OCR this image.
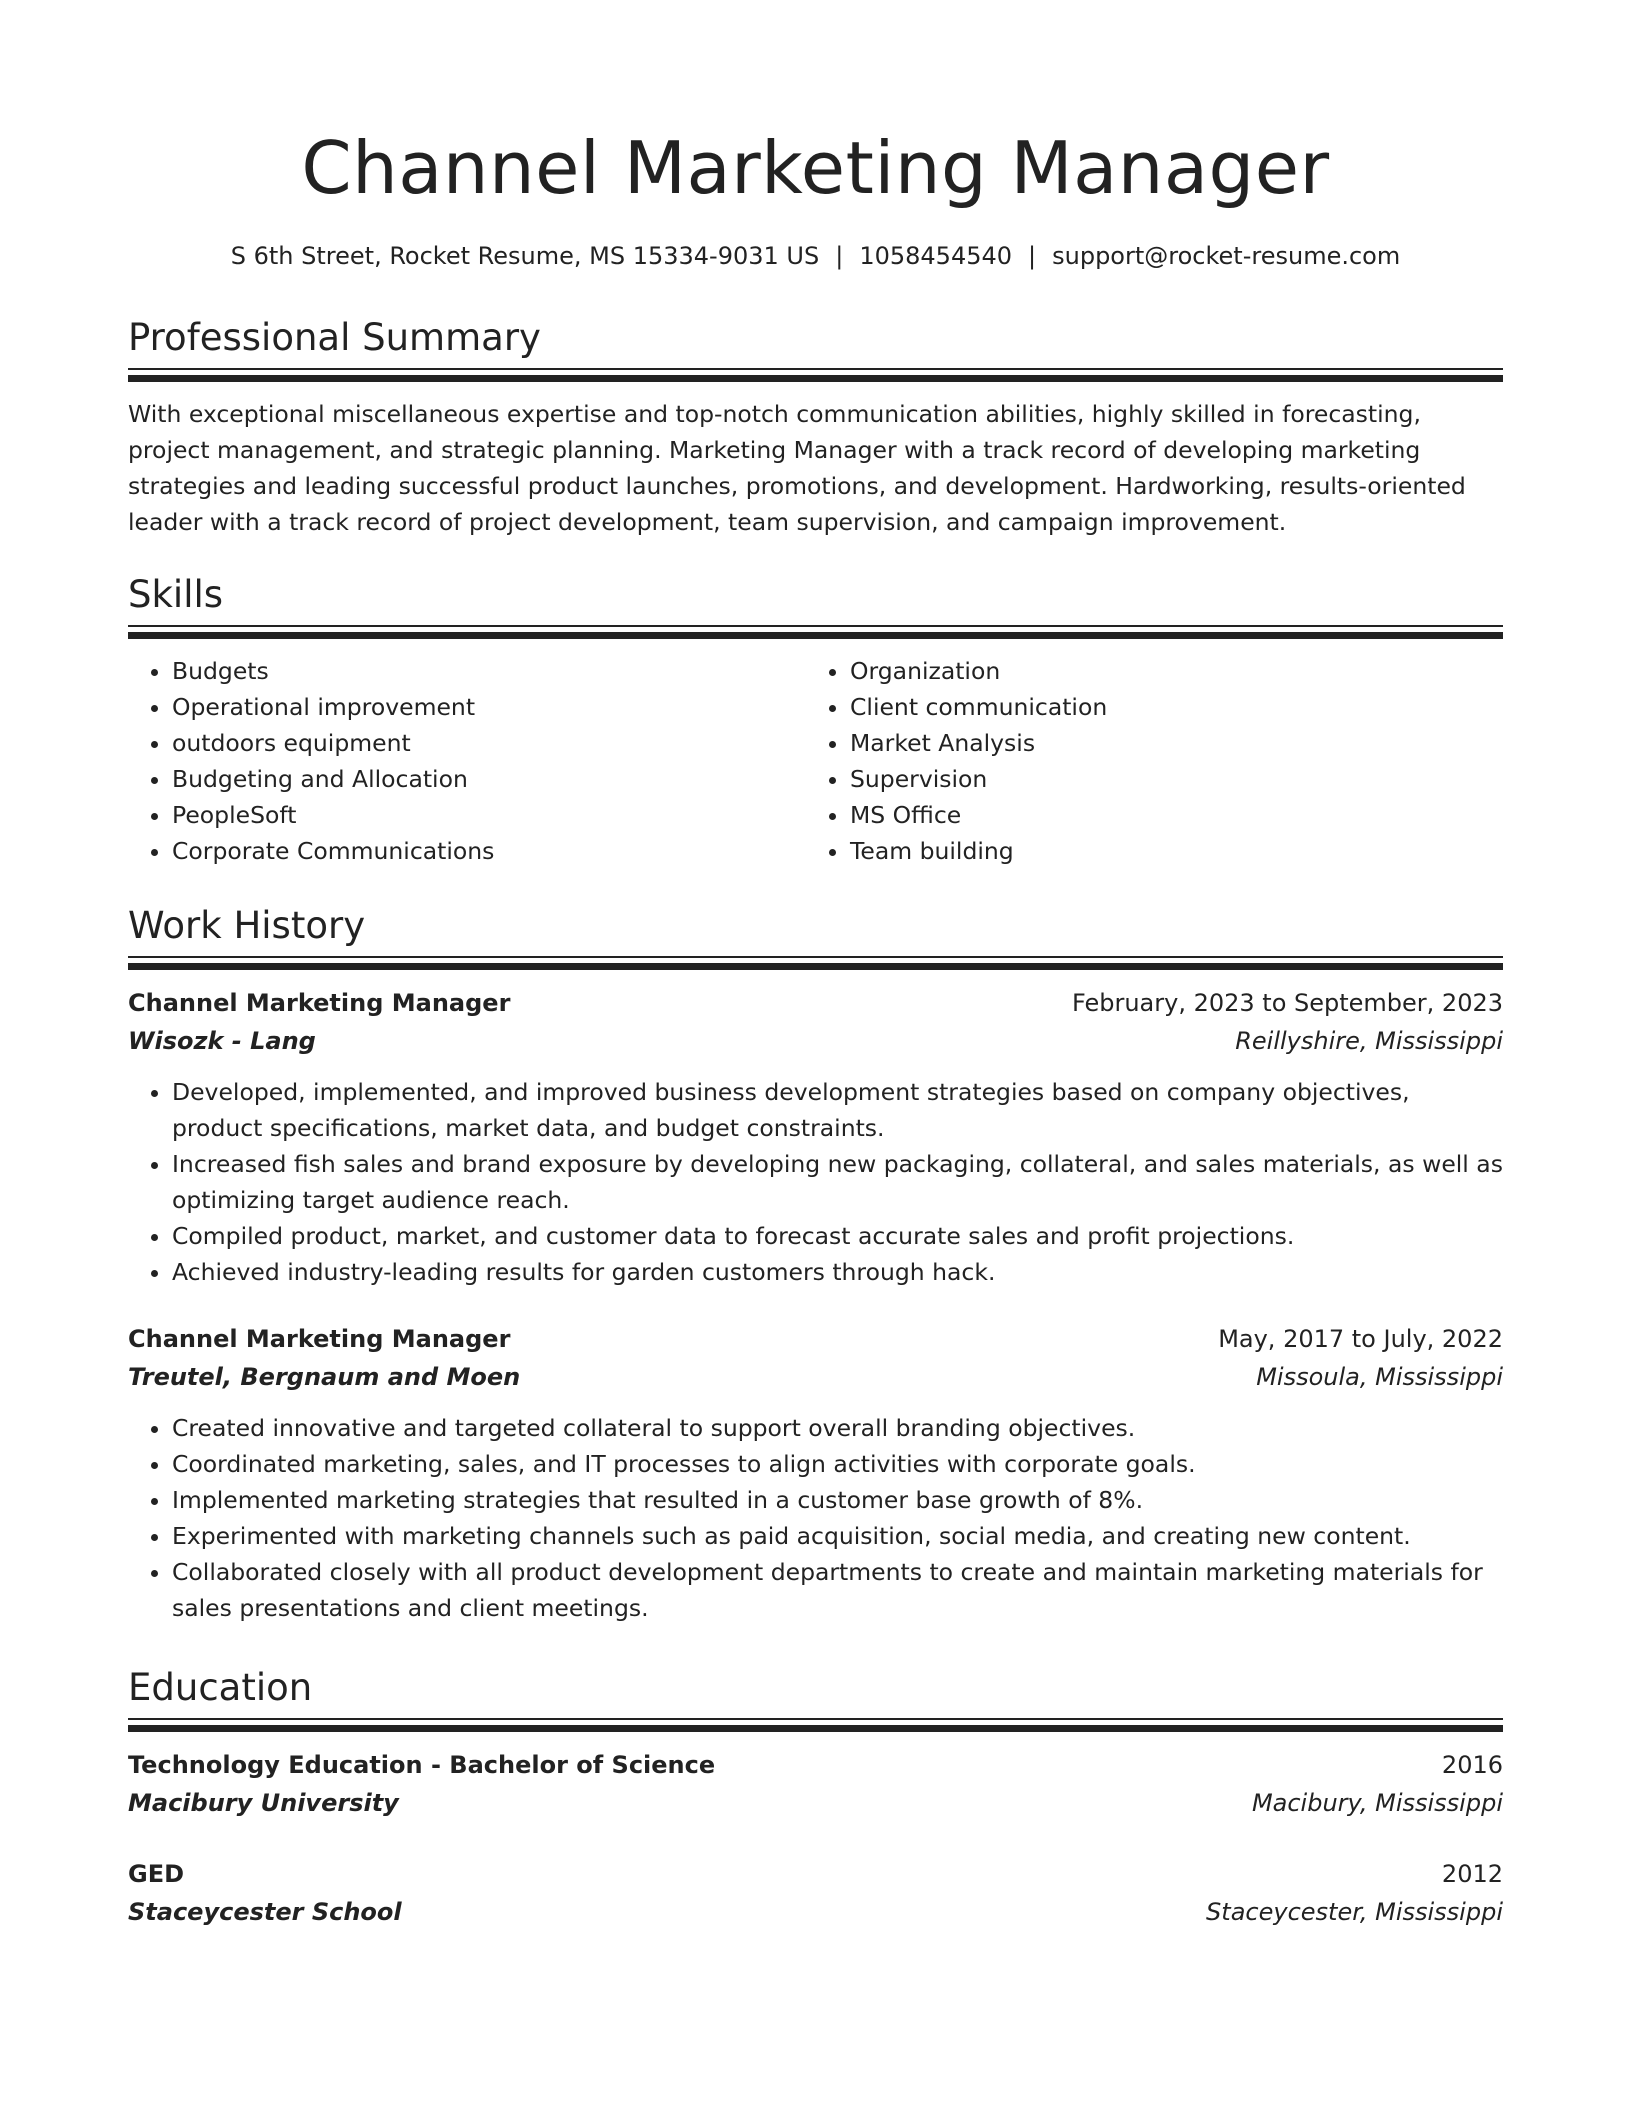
Channel Marketing Manager
S 6th Street, Rocket Resume, MS 15334-9031 US | 1058454540 | support@rocket-resume.com
Professional Summary
With exceptional miscellaneous expertise and top-notch communication abilities, highly skilled in forecasting, project management, and strategic planning. Marketing Manager with a track record of developing marketing strategies and leading successful product launches, promotions, and development. Hardworking, results-oriented leader with a track record of project development, team supervision, and campaign improvement.
Skills
• Budgets
• Operational improvement
• outdoors equipment
• Budgeting and Allocation
• PeopleSoft
• Corporate Communications
• Organization
• Client communication
• Market Analysis
• Supervision
• MS Office
• Team building
Work History
Channel Marketing Manager	February, 2023 to September, 2023
Wisozk - Lang	Reillyshire, Mississippi
• Developed, implemented, and improved business development strategies based on company objectives, product specifications, market data, and budget constraints.
• Increased fish sales and brand exposure by developing new packaging, collateral, and sales materials, as well as optimizing target audience reach.
• Compiled product, market, and customer data to forecast accurate sales and profit projections.
• Achieved industry-leading results for garden customers through hack.
Channel Marketing Manager	May, 2017 to July, 2022
Treutel, Bergnaum and Moen	Missoula, Mississippi
• Created innovative and targeted collateral to support overall branding objectives.
• Coordinated marketing, sales, and IT processes to align activities with corporate goals.
• Implemented marketing strategies that resulted in a customer base growth of 8%.
• Experimented with marketing channels such as paid acquisition, social media, and creating new content.
• Collaborated closely with all product development departments to create and maintain marketing materials for sales presentations and client meetings.
Education
Technology Education - Bachelor of Science	2016
Macibury University	Macibury, Mississippi
GED	2012
Staceycester School	Staceycester, Mississippi
